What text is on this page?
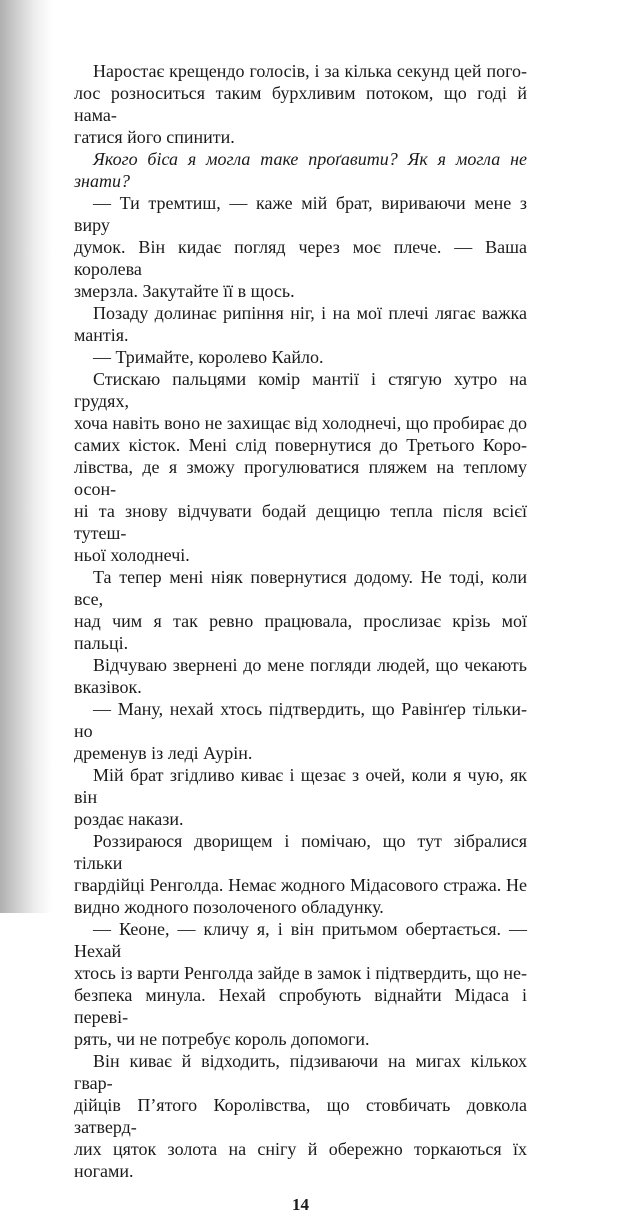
Наростає крещендо голосів, і за кілька секунд цей пого-
лос розноситься таким бурхливим потоком, що годі й нама-
гатися його спинити.
Якого біса я могла таке проґавити? Як я могла не знати?
— Ти тремтиш, — каже мій брат, вириваючи мене з виру
думок. Він кидає погляд через моє плече. — Ваша королева
змерзла. Закутайте її в щось.
Позаду долинає рипіння ніг, і на мої плечі лягає важка
мантія.
— Тримайте, королево Кайло.
Стискаю пальцями комір мантії і стягую хутро на грудях,
хоча навіть воно не захищає від холоднечі, що пробирає до
самих кісток. Мені слід повернутися до Третього Коро-
лівства, де я зможу прогулюватися пляжем на теплому осон-
ні та знову відчувати бодай дещицю тепла після всієї тутеш-
ньої холоднечі.
Та тепер мені ніяк повернутися додому. Не тоді, коли все,
над чим я так ревно працювала, прослизає крізь мої пальці.
Відчуваю звернені до мене погляди людей, що чекають
вказівок.
— Ману, нехай хтось підтвердить, що Равінґер тільки-но
дременув із леді Аурін.
Мій брат згідливо киває і щезає з очей, коли я чую, як він
роздає накази.
Роззираюся дворищем і помічаю, що тут зібралися тільки
гвардійці Ренголда. Немає жодного Мідасового стража. Не
видно жодного позолоченого обладунку.
— Кеоне, — кличу я, і він притьмом обертається. — Нехай
хтось із варти Ренголда зайде в замок і підтвердить, що не-
безпека минула. Нехай спробують віднайти Мідаса і переві-
рять, чи не потребує король допомоги.
Він киває й відходить, підзиваючи на мигах кількох гвар-
дійців П’ятого Королівства, що стовбичать довкола затверд-
лих цяток золота на снігу й обережно торкаються їх ногами.
14
